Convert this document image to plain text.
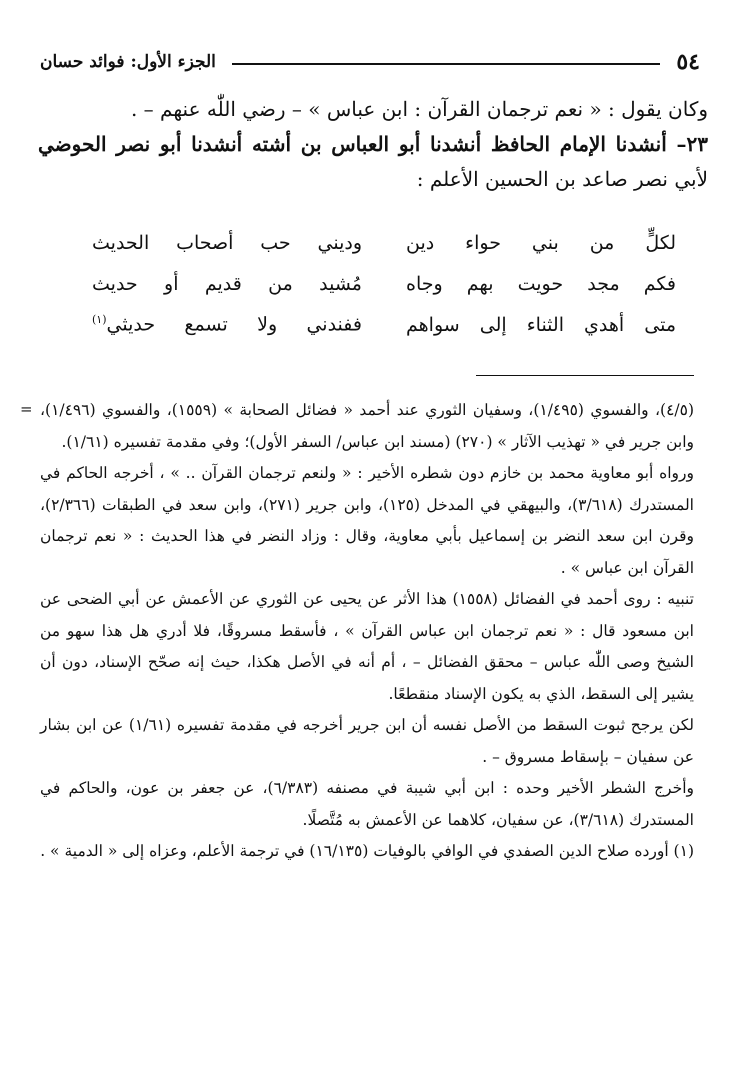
٥٤
الجزء الأول: فوائد حسان
وكان يقول : « نعم ترجمان القرآن : ابن عباس » – رضي اللّٰه عنهم – .
٢٣– أنشدنا الإمام الحافظ أنشدنا أبو العباس بن أشته أنشدنا أبو نصر الحوضي
لأبي نصر صاعد بن الحسين الأعلم :
لكلٍّ من بني حواء دين
وديني حب أصحاب الحديث
فكم مجد حويت بهم وجاه
مُشيد من قديم أو حديث
متى أهدي الثناء إلى سواهم
ففندني ولا تسمع حديثي$^{(١)}$
= (٤/٥)، والفسوي (١/٤٩٥)، وسفيان الثوري عند أحمد « فضائل الصحابة » (١٥٥٩)، والفسوي (١/٤٩٦)، وابن جرير في « تهذيب الآثار » (٢٧٠) (مسند ابن عباس/ السفر الأول)؛ وفي مقدمة تفسيره (١/٦١).
ورواه أبو معاوية محمد بن خازم دون شطره الأخير : « ولنعم ترجمان القرآن .. » ، أخرجه الحاكم في المستدرك (٣/٦١٨)، والبيهقي في المدخل (١٢٥)، وابن جرير (٢٧١)، وابن سعد في الطبقات (٢/٣٦٦)، وقرن ابن سعد النضر بن إسماعيل بأبي معاوية، وقال : وزاد النضر في هذا الحديث : « نعم ترجمان القرآن ابن عباس » .
تنبيه : روى أحمد في الفضائل (١٥٥٨) هذا الأثر عن يحيى عن الثوري عن الأعمش عن أبي الضحى عن ابن مسعود قال : « نعم ترجمان ابن عباس القرآن » ، فأسقط مسروقًا، فلا أدري هل هذا سهو من الشيخ وصى اللّٰه عباس – محقق الفضائل – ، أم أنه في الأصل هكذا، حيث إنه صحّح الإسناد، دون أن يشير إلى السقط، الذي به يكون الإسناد منقطعًا.
لكن يرجح ثبوت السقط من الأصل نفسه أن ابن جرير أخرجه في مقدمة تفسيره (١/٦١) عن ابن بشار عن سفيان – بإسقاط مسروق – .
وأخرج الشطر الأخير وحده : ابن أبي شيبة في مصنفه (٦/٣٨٣)، عن جعفر بن عون، والحاكم في المستدرك (٣/٦١٨)، عن سفيان، كلاهما عن الأعمش به مُتَّصلًا.
(١) أورده صلاح الدين الصفدي في الوافي بالوفيات (١٦/١٣٥) في ترجمة الأعلم، وعزاه إلى « الدمية » .
